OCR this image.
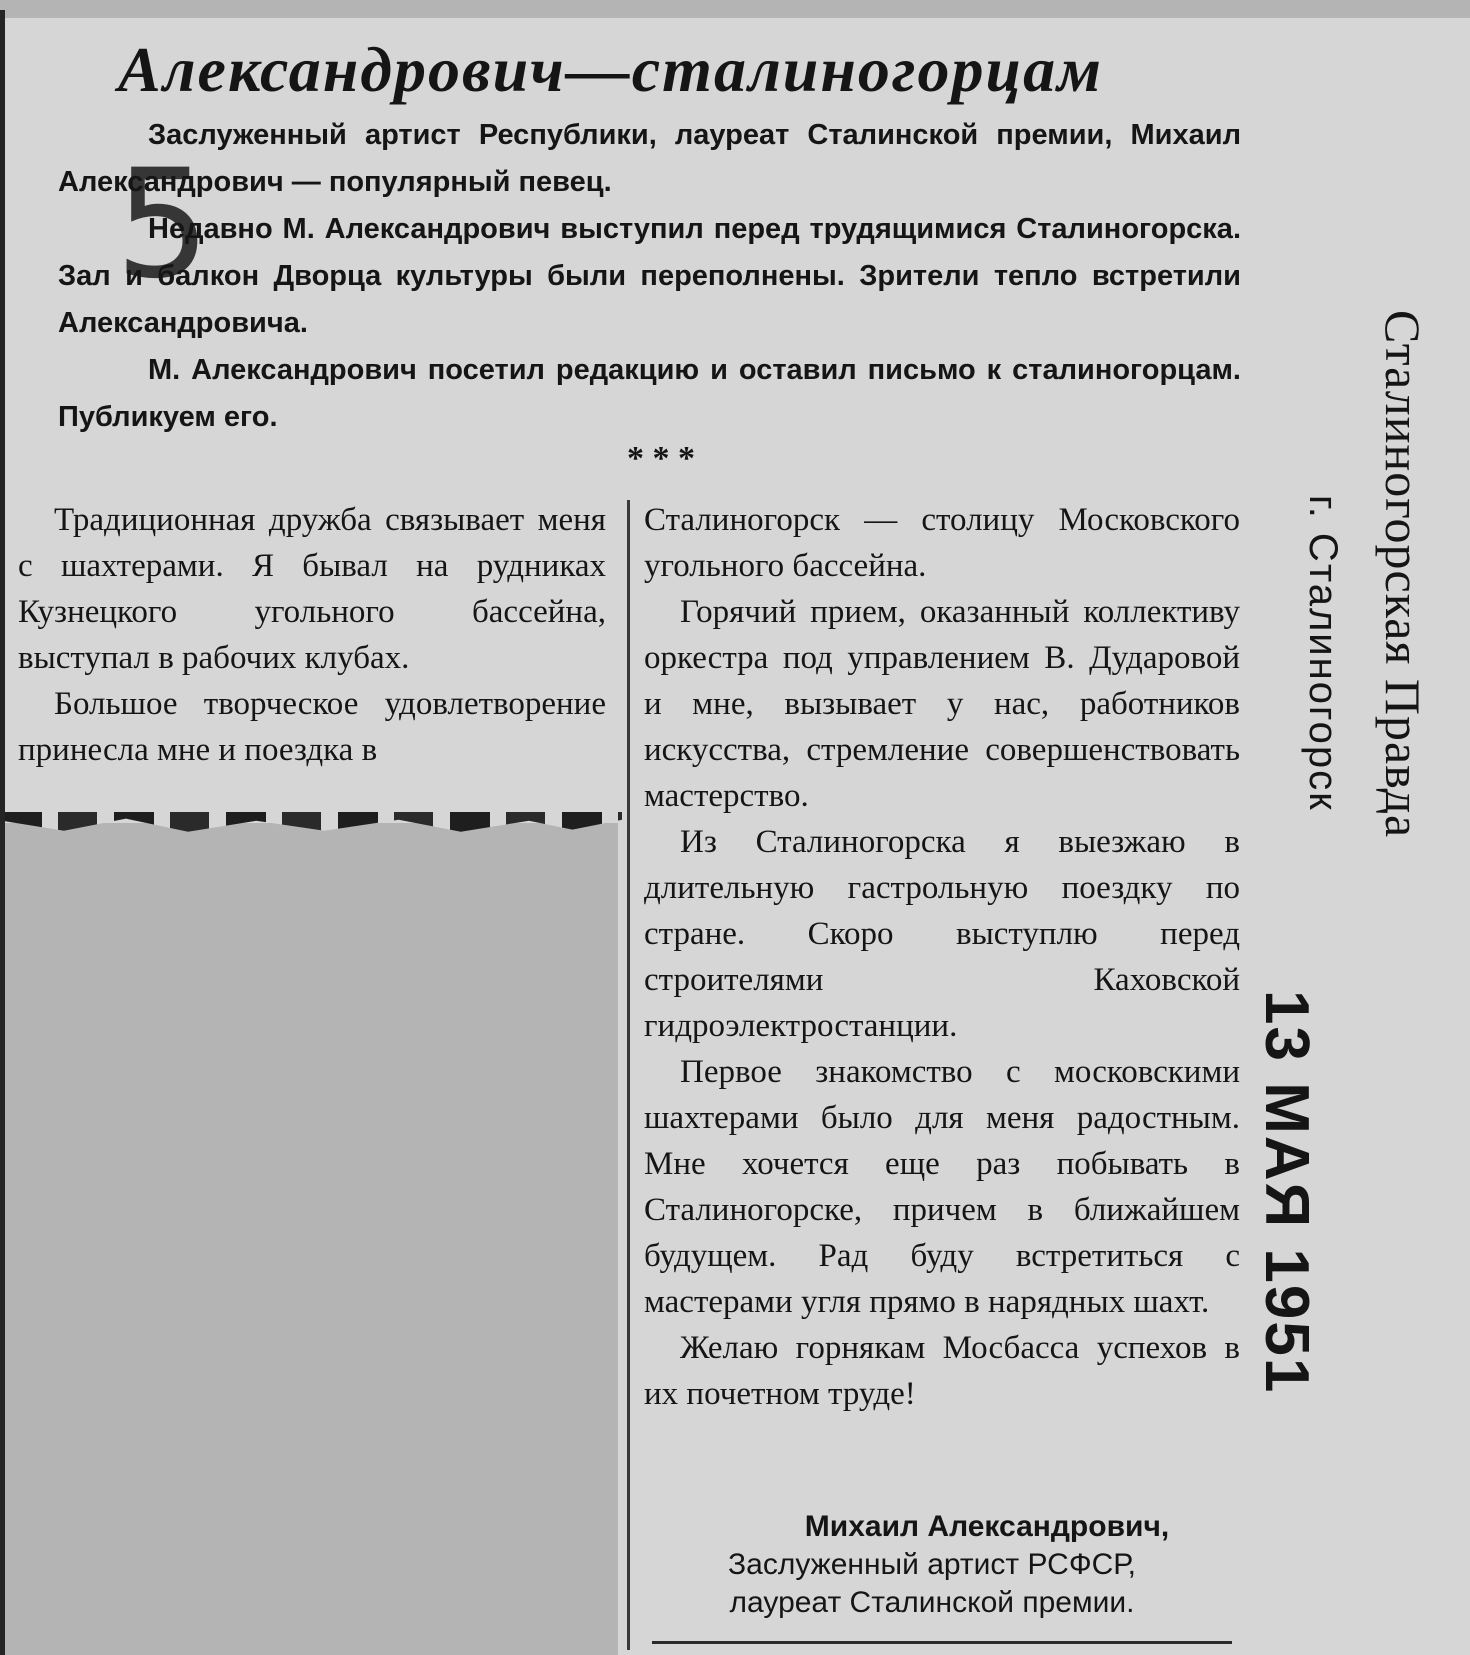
5
Александрович—сталиногорцам

Заслуженный артист Республики, лауреат Сталинской премии, Михаил Александрович — популярный певец.

Недавно М. Александрович выступил перед трудящимися Сталиногорска. Зал и балкон Дворца культуры были переполнены. Зрители тепло встретили Александровича.

М. Александрович посетил редакцию и оставил письмо к сталиногорцам. Публикуем его.

* * *

Традиционная дружба связывает меня с шахтерами. Я бывал на рудниках Кузнецкого угольного бассейна, выступал в рабочих клубах.

Большое творческое удовлетворение принесла мне и поездка в

Сталиногорск — столицу Московского угольного бассейна.

Горячий прием, оказанный коллективу оркестра под управлением В. Дударовой и мне, вызывает у нас, работников искусства, стремление совершенствовать мастерство.

Из Сталиногорска я выезжаю в длительную гастрольную поездку по стране. Скоро выступлю перед строителями Каховской гидроэлектростанции.

Первое знакомство с московскими шахтерами было для меня радостным. Мне хочется еще раз побывать в Сталиногорске, причем в ближайшем будущем. Рад буду встретиться с мастерами угля прямо в нарядных шахт.

Желаю горнякам Мосбасса успехов в их почетном труде!

Михаил Александрович,
Заслуженный артист РСФСР,
лауреат Сталинской премии.
Сталиногорская Правда
г. Сталиногорск
13 МАЯ 1951
